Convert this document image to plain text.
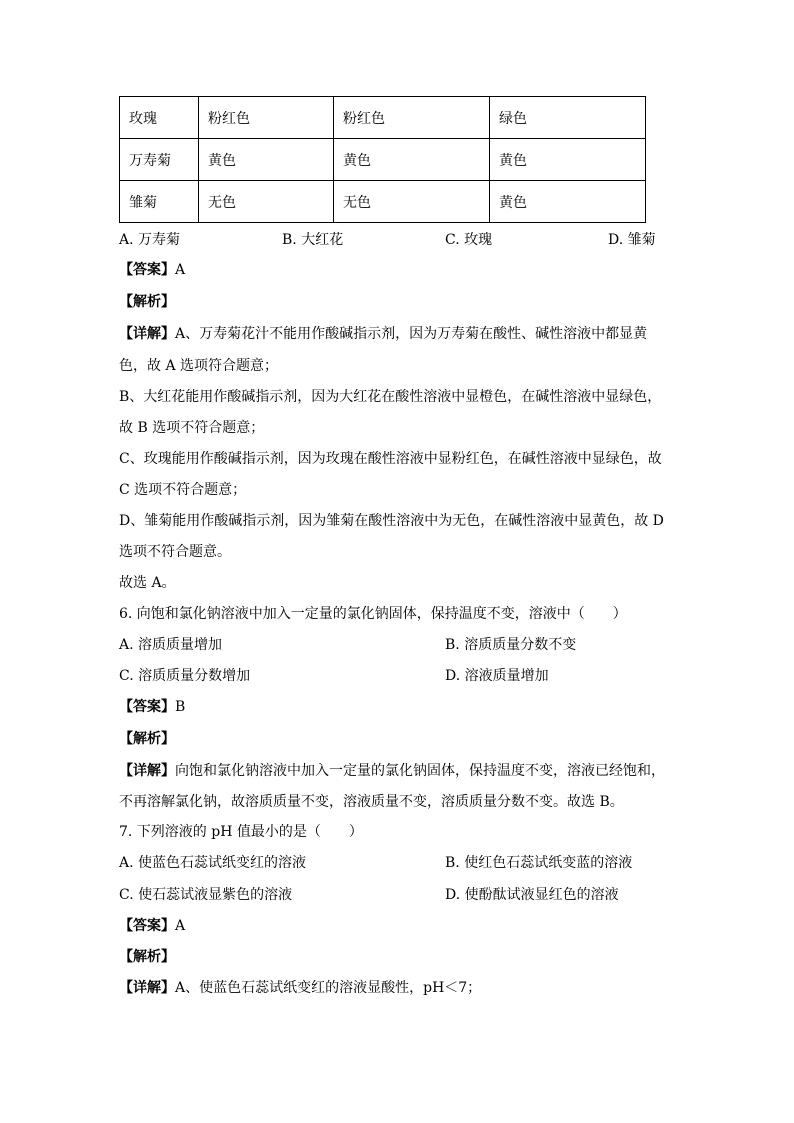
玫瑰	粉红色	粉红色	绿色
万寿菊	黄色	黄色	黄色
雏菊	无色	无色	黄色
A. 万寿菊	B. 大红花	C. 玫瑰	D. 雏菊
【答案】A
【解析】
【详解】A、万寿菊花汁不能用作酸碱指示剂，因为万寿菊在酸性、碱性溶液中都显黄
色，故 A 选项符合题意；
B、大红花能用作酸碱指示剂，因为大红花在酸性溶液中显橙色，在碱性溶液中显绿色，
故 B 选项不符合题意；
C、玫瑰能用作酸碱指示剂，因为玫瑰在酸性溶液中显粉红色，在碱性溶液中显绿色，故
C 选项不符合题意；
D、雏菊能用作酸碱指示剂，因为雏菊在酸性溶液中为无色，在碱性溶液中显黄色，故 D
选项不符合题意。
故选 A。
6. 向饱和氯化钠溶液中加入一定量的氯化钠固体，保持温度不变，溶液中（　　）
A. 溶质质量增加	B. 溶质质量分数不变
C. 溶质质量分数增加	D. 溶液质量增加
【答案】B
【解析】
【详解】向饱和氯化钠溶液中加入一定量的氯化钠固体，保持温度不变，溶液已经饱和，
不再溶解氯化钠，故溶质质量不变，溶液质量不变，溶质质量分数不变。故选 B。
7. 下列溶液的 pH 值最小的是（　　）
A. 使蓝色石蕊试纸变红的溶液	B. 使红色石蕊试纸变蓝的溶液
C. 使石蕊试液显紫色的溶液	D. 使酚酞试液显红色的溶液
【答案】A
【解析】
【详解】A、使蓝色石蕊试纸变红的溶液显酸性，pH＜7；
